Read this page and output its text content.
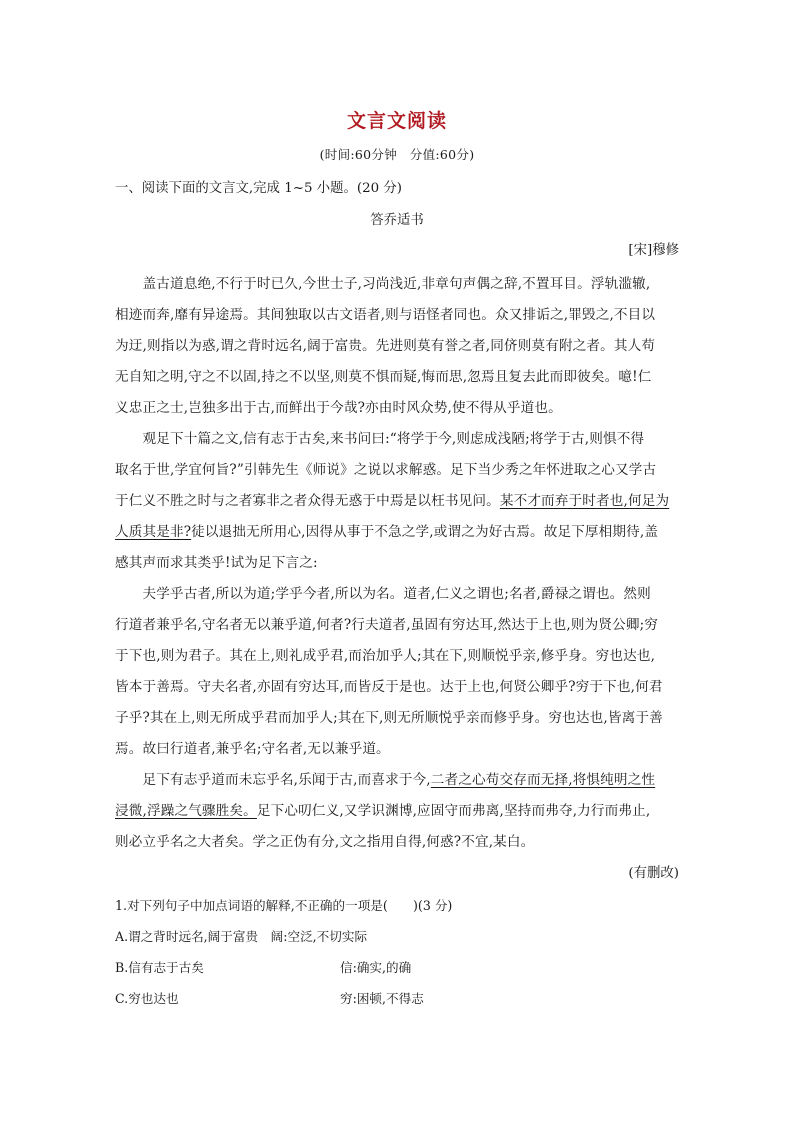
文言文阅读
(时间:60分钟　分值:60分)
一、阅读下面的文言文,完成 1~5 小题。(20 分)
答乔适书
[宋]穆修
　　盖古道息绝,不行于时已久,今世士子,习尚浅近,非章句声偶之辞,不置耳目。浮轨滥辙,
相迹而奔,靡有异途焉。其间独取以古文语者,则与语怪者同也。众又排诟之,罪毁之,不目以
为迂,则指以为惑,谓之背时远名,阔于富贵。先进则莫有誉之者,同侪则莫有附之者。其人苟
无自知之明,守之不以固,持之不以坚,则莫不惧而疑,悔而思,忽焉且复去此而即彼矣。噫!仁
义忠正之士,岂独多出于古,而鲜出于今哉?亦由时风众势,使不得从乎道也。
　　观足下十篇之文,信有志于古矣,来书问曰:“将学于今,则虑成浅陋;将学于古,则惧不得
取名于世,学宜何旨?”引韩先生《师说》之说以求解惑。足下当少秀之年怀进取之心又学古
于仁义不胜之时与之者寡非之者众得无惑于中焉是以枉书见问。某不才而弃于时者也,何足为
人质其是非?徒以退拙无所用心,因得从事于不急之学,或谓之为好古焉。故足下厚相期待,盖
感其声而求其类乎!试为足下言之:
　　夫学乎古者,所以为道;学乎今者,所以为名。道者,仁义之谓也;名者,爵禄之谓也。然则
行道者兼乎名,守名者无以兼乎道,何者?行夫道者,虽固有穷达耳,然达于上也,则为贤公卿;穷
于下也,则为君子。其在上,则礼成乎君,而治加乎人;其在下,则顺悦乎亲,修乎身。穷也达也,
皆本于善焉。守夫名者,亦固有穷达耳,而皆反于是也。达于上也,何贤公卿乎?穷于下也,何君
子乎?其在上,则无所成乎君而加乎人;其在下,则无所顺悦乎亲而修乎身。穷也达也,皆离于善
焉。故曰行道者,兼乎名;守名者,无以兼乎道。
　　足下有志乎道而未忘乎名,乐闻于古,而喜求于今,二者之心苟交存而无择,将惧纯明之性
浸微,浮躁之气骤胜矣。足下心叨仁义,又学识渊博,应固守而弗离,坚持而弗夺,力行而弗止,
则必立乎名之大者矣。学之正伪有分,文之指用自得,何惑?不宜,某白。
(有删改)
1.对下列句子中加点词语的解释,不正确的一项是(　　)(3 分)
A.谓之背时远名,阔于富贵　阔:空泛,不切实际
B.信有志于古矣	信:确实,的确
C.穷也达也	穷:困顿,不得志
